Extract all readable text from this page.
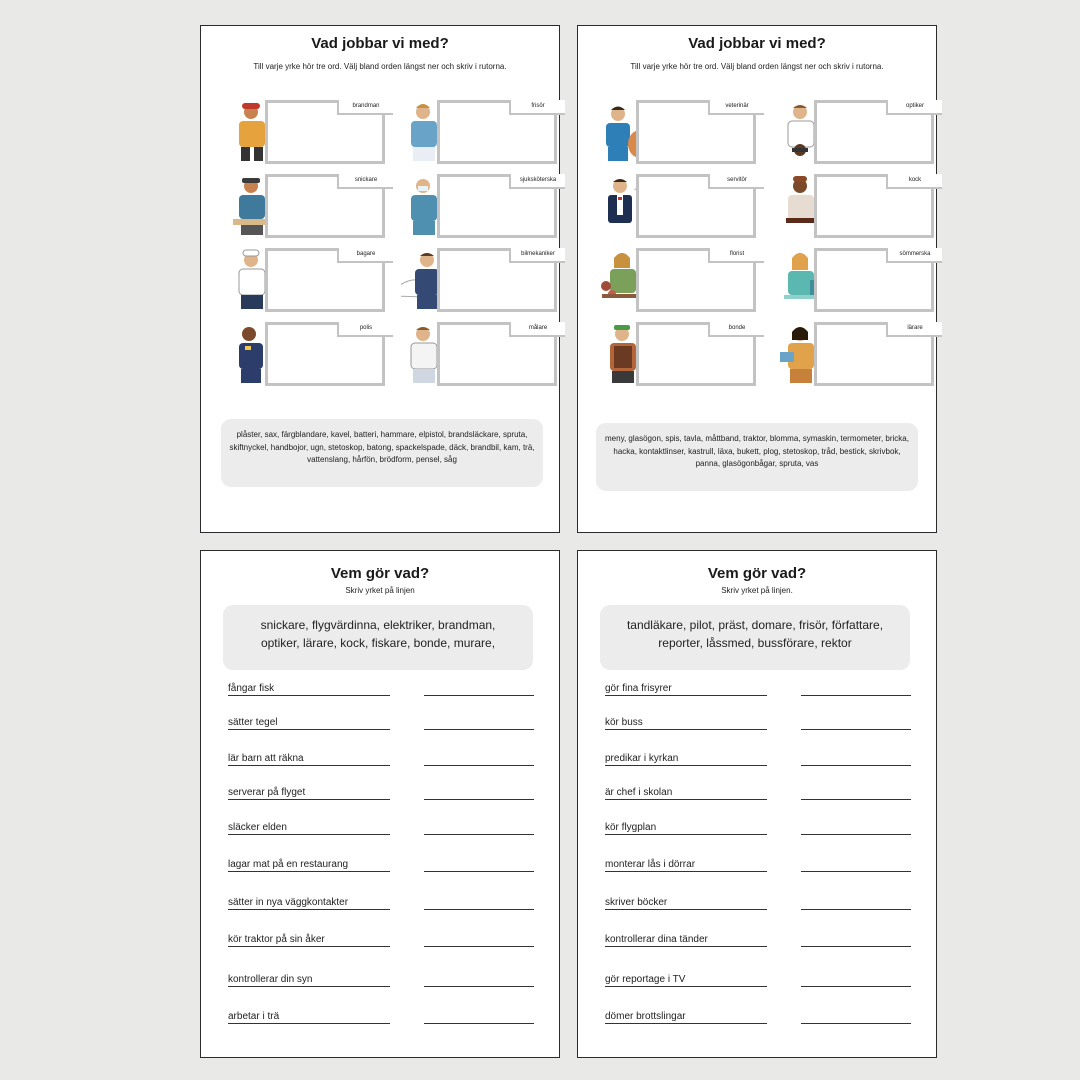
Vad jobbar vi med?
Till varje yrke hör tre ord. Välj bland orden längst ner och skriv i rutorna.
brandman	frisör
snickare	sjuksköterska
bagare	bilmekaniker
polis	målare
plåster, sax, färgblandare, kavel, batteri, hammare, elpistol, brandsläckare, spruta, skiftnyckel, handbojor, ugn, stetoskop, batong, spackelspade, däck, brandbil, kam, trä, vattenslang, hårfön, brödform, pensel, såg
Vad jobbar vi med?
Till varje yrke hör tre ord. Välj bland orden längst ner och skriv i rutorna.
veterinär	optiker
servitör	kock
florist	sömmerska
bonde	lärare
meny, glasögon, spis, tavla, måttband, traktor, blomma, symaskin, termometer, bricka, hacka, kontaktlinser, kastrull, läxa, bukett, plog, stetoskop, tråd, bestick, skrivbok, panna, glasögonbågar, spruta, vas
Vem gör vad?
Skriv yrket på linjen
snickare, flygvärdinna, elektriker, brandman, optiker, lärare, kock, fiskare, bonde, murare,
fångar fisk
sätter tegel
lär barn att räkna
serverar på flyget
släcker elden
lagar mat på en restaurang
sätter in nya väggkontakter
kör traktor på sin åker
kontrollerar din syn
arbetar i trä
Vem gör vad?
Skriv yrket på linjen.
tandläkare, pilot, präst, domare, frisör, författare, reporter, låssmed, bussförare, rektor
gör fina frisyrer
kör buss
predikar i kyrkan
är chef i skolan
kör flygplan
monterar lås i dörrar
skriver böcker
kontrollerar dina tänder
gör reportage i TV
dömer brottslingar
